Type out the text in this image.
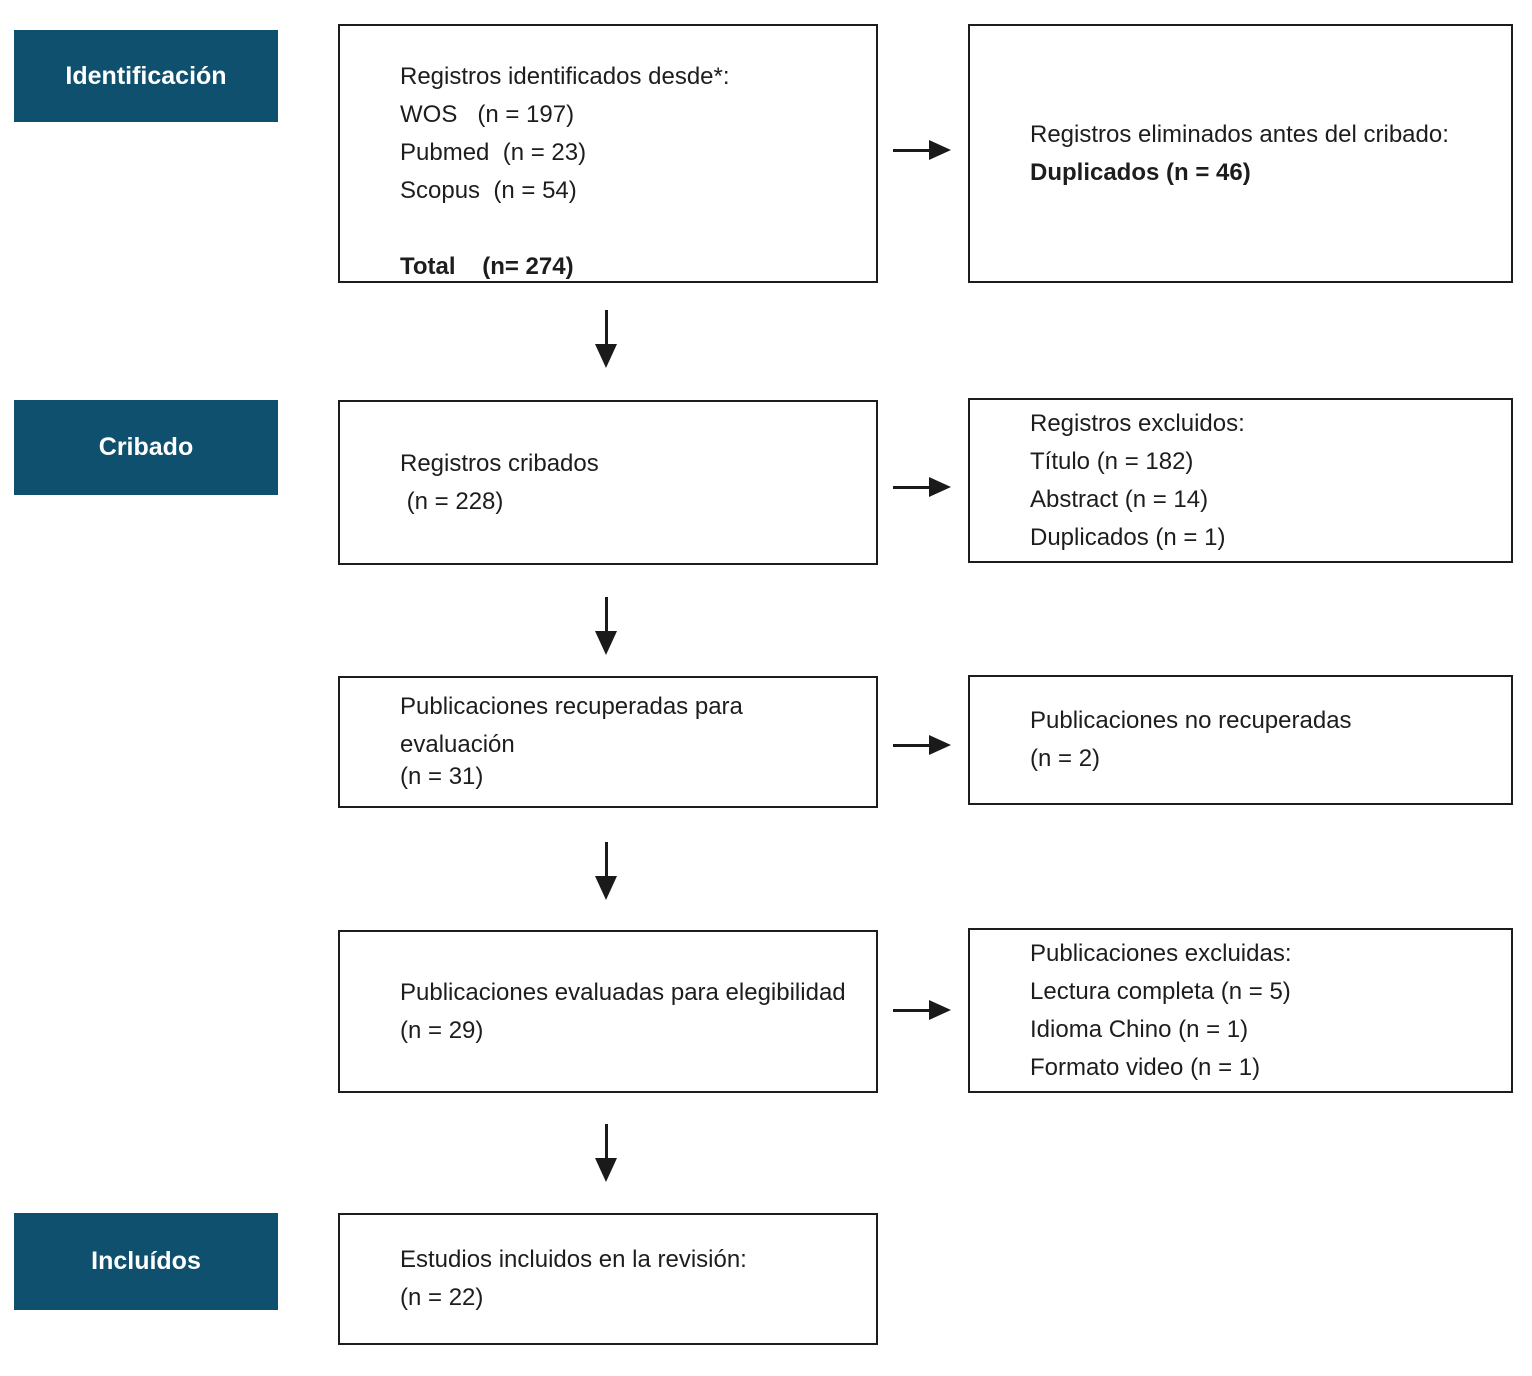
Identificación
Cribado
Incluídos
Registros identificados desde*:
WOS   (n = 197)
Pubmed  (n = 23)
Scopus  (n = 54)
Total    (n= 274)
Registros cribados
(n = 228)
Publicaciones recuperadas para evaluación
(n = 31)
Publicaciones evaluadas para elegibilidad
(n = 29)
Estudios incluidos en la revisión:
(n = 22)
Registros eliminados antes del cribado:
Duplicados (n = 46)
Registros excluidos:
Título (n = 182)
Abstract (n = 14)
Duplicados (n = 1)
Publicaciones no recuperadas
(n = 2)
Publicaciones excluidas:
Lectura completa (n = 5)
Idioma Chino (n = 1)
Formato video (n = 1)
